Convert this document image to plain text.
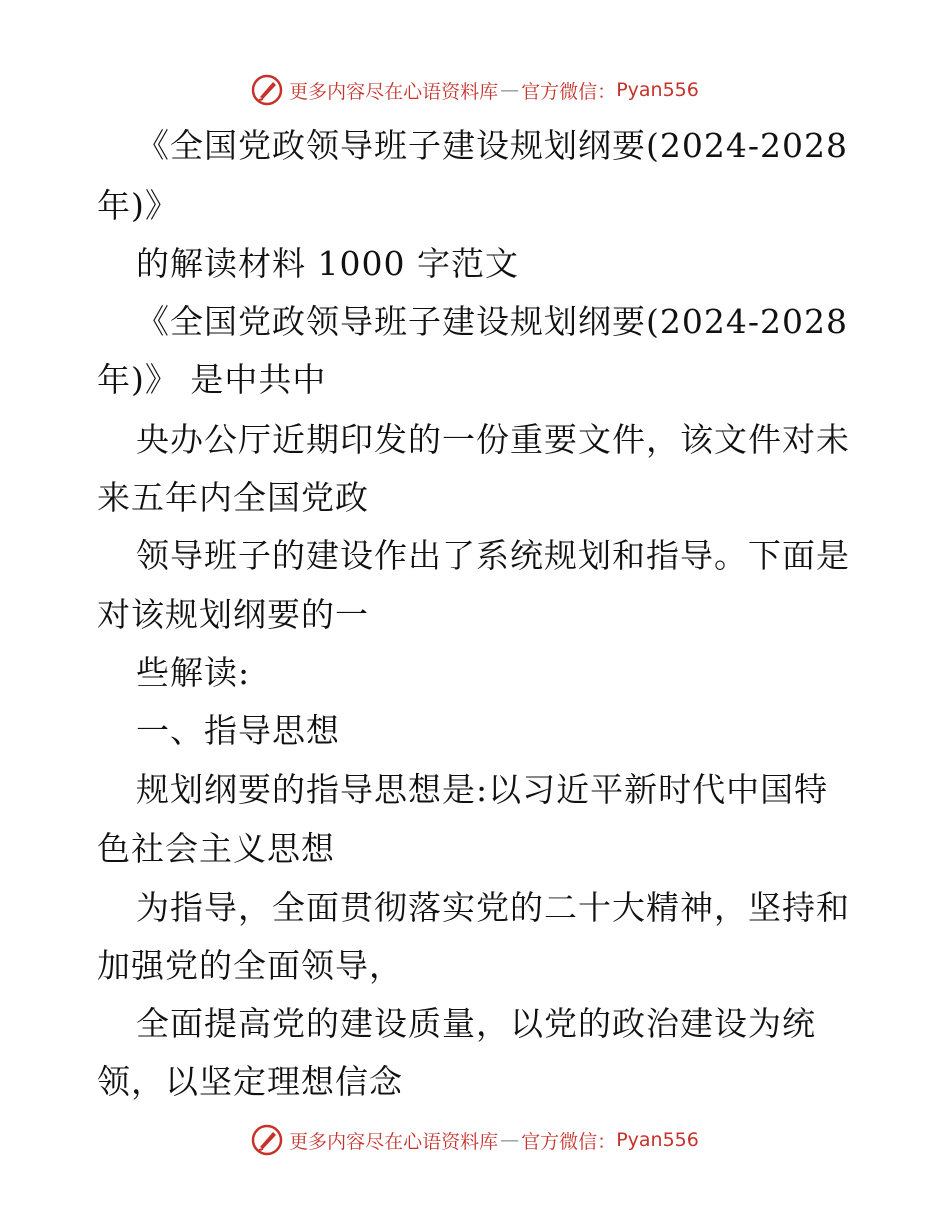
更多内容尽在心语资料库 — 官方微信： Pyan556
《全国党政领导班子建设规划纲要(2024-2028
年)》
的解读材料 1000 字范文
《全国党政领导班子建设规划纲要(2024-2028
年)》 是中共中
央办公厅近期印发的一份重要文件，该文件对未
来五年内全国党政
领导班子的建设作出了系统规划和指导。下面是
对该规划纲要的一
些解读:
一、指导思想
规划纲要的指导思想是:以习近平新时代中国特
色社会主义思想
为指导，全面贯彻落实党的二十大精神，坚持和
加强党的全面领导，
全面提高党的建设质量，以党的政治建设为统
领，以坚定理想信念
更多内容尽在心语资料库 — 官方微信： Pyan556
